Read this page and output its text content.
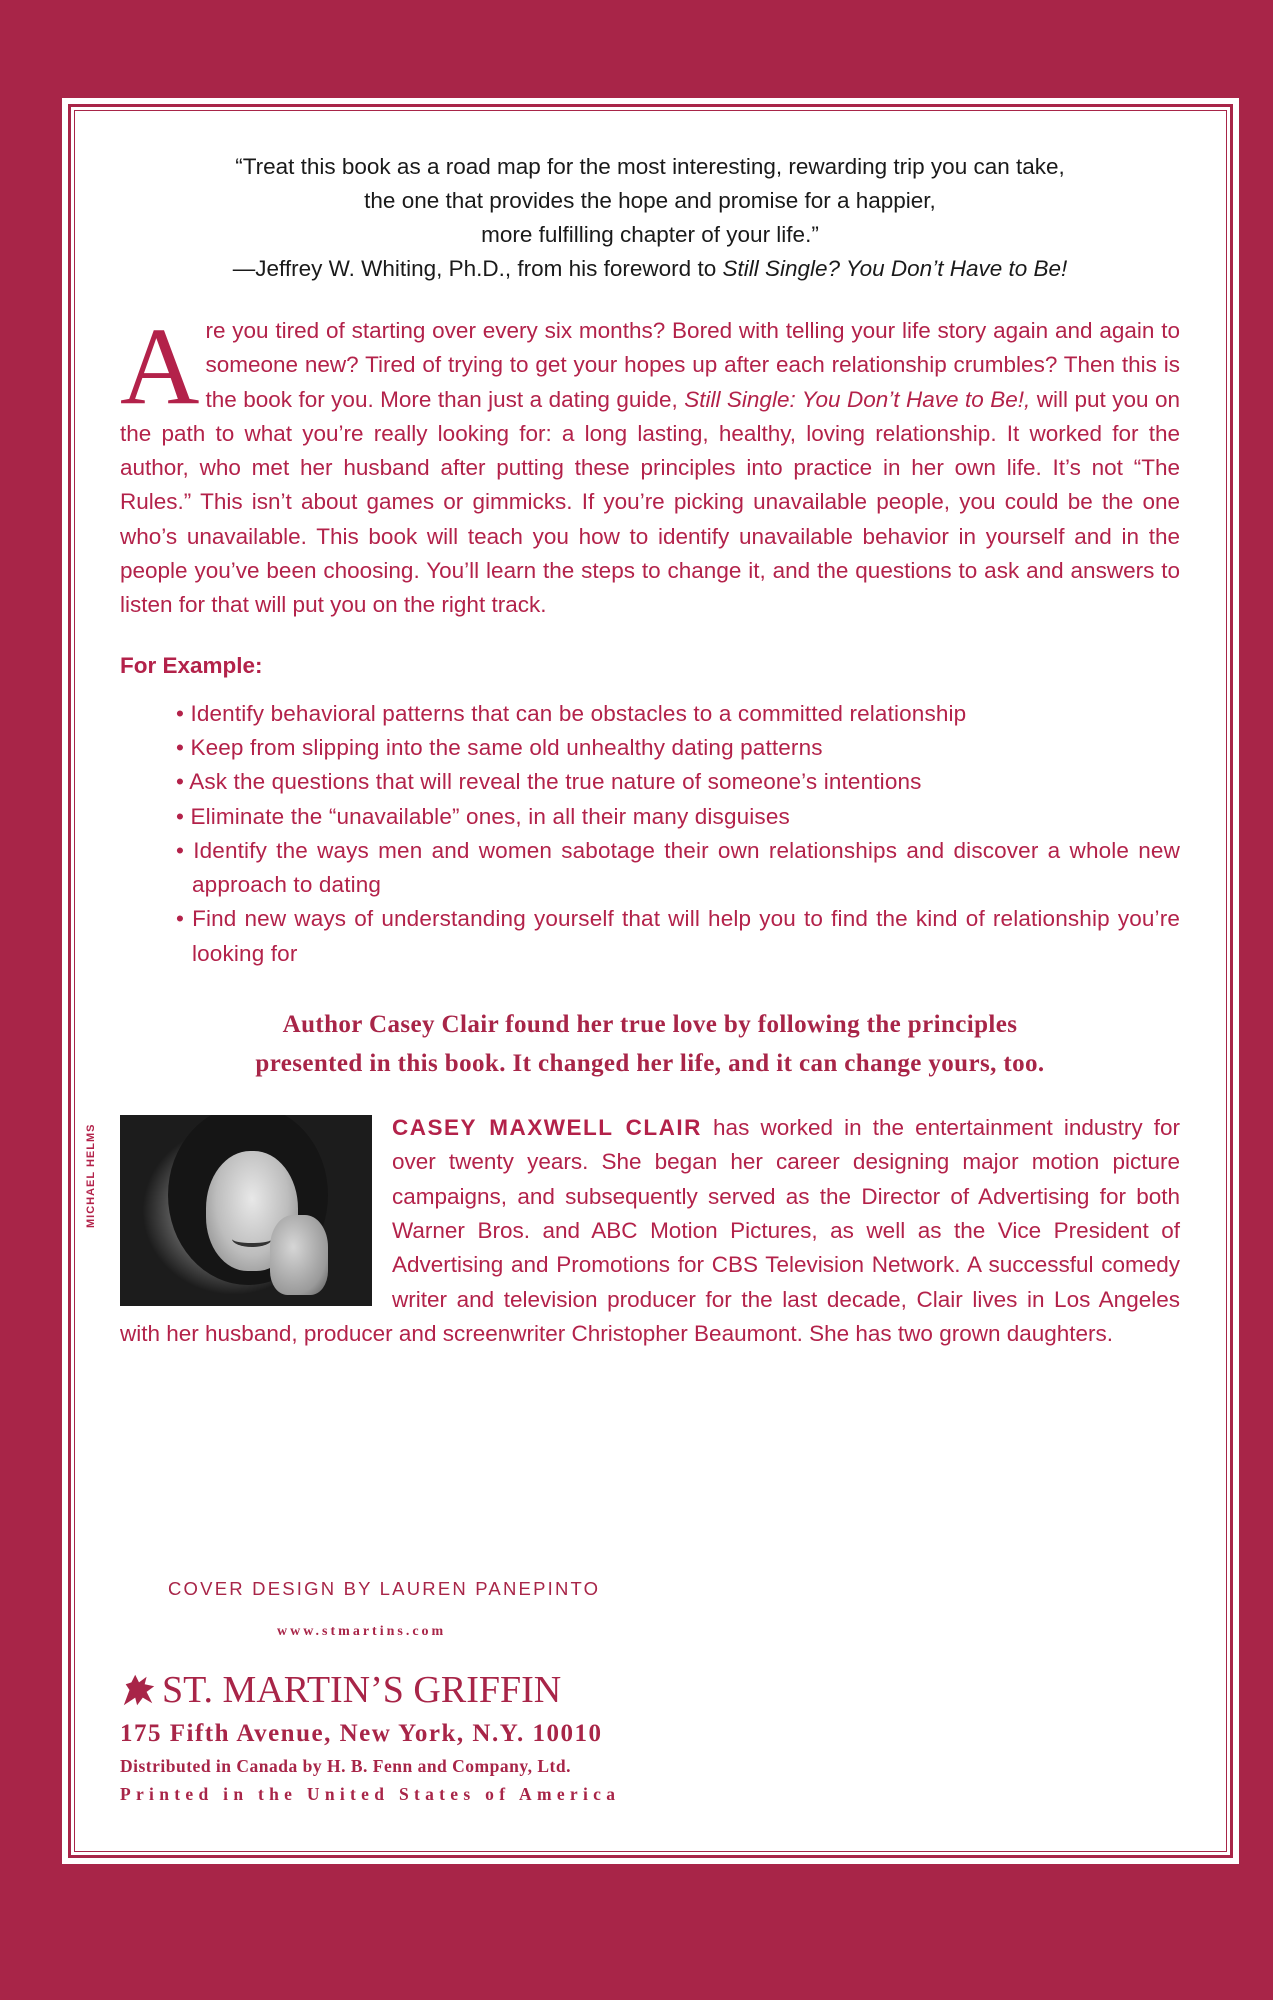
“Treat this book as a road map for the most interesting, rewarding trip you can take,
the one that provides the hope and promise for a happier,
more fulfilling chapter of your life.”
—Jeffrey W. Whiting, Ph.D., from his foreword to Still Single? You Don’t Have to Be!

Are you tired of starting over every six months? Bored with telling your life story again and again to someone new? Tired of trying to get your hopes up after each relationship crumbles? Then this is the book for you. More than just a dating guide, Still Single: You Don’t Have to Be!, will put you on the path to what you’re really looking for: a long lasting, healthy, loving relationship. It worked for the author, who met her husband after putting these principles into practice in her own life. It’s not “The Rules.” This isn’t about games or gimmicks. If you’re picking unavailable people, you could be the one who’s unavailable. This book will teach you how to identify unavailable behavior in yourself and in the people you’ve been choosing. You’ll learn the steps to change it, and the questions to ask and answers to listen for that will put you on the right track.
For Example:
• Identify behavioral patterns that can be obstacles to a committed relationship
• Keep from slipping into the same old unhealthy dating patterns
• Ask the questions that will reveal the true nature of someone’s intentions
• Eliminate the “unavailable” ones, in all their many disguises
• Identify the ways men and women sabotage their own relationships and discover a whole new approach to dating
• Find new ways of understanding yourself that will help you to find the kind of relationship you’re looking for
Author Casey Clair found her true love by following the principles
presented in this book. It changed her life, and it can change yours, too.
MICHAEL HELMS	CASEY MAXWELL CLAIR has worked in the entertainment industry for over twenty years. She began her career designing major motion picture campaigns, and subsequently served as the Director of Advertising for both Warner Bros. and ABC Motion Pictures, as well as the Vice President of Advertising and Promotions for CBS Television Network. A successful comedy writer and television producer for the last decade, Clair lives in Los Angeles with her husband, producer and screenwriter Christopher Beaumont. She has two grown daughters.

COVER DESIGN BY LAUREN PANEPINTO
www.stmartins.com
ST. MARTIN’S GRIFFIN
175 Fifth Avenue, New York, N.Y. 10010
Distributed in Canada by H. B. Fenn and Company, Ltd.
Printed in the United States of America
